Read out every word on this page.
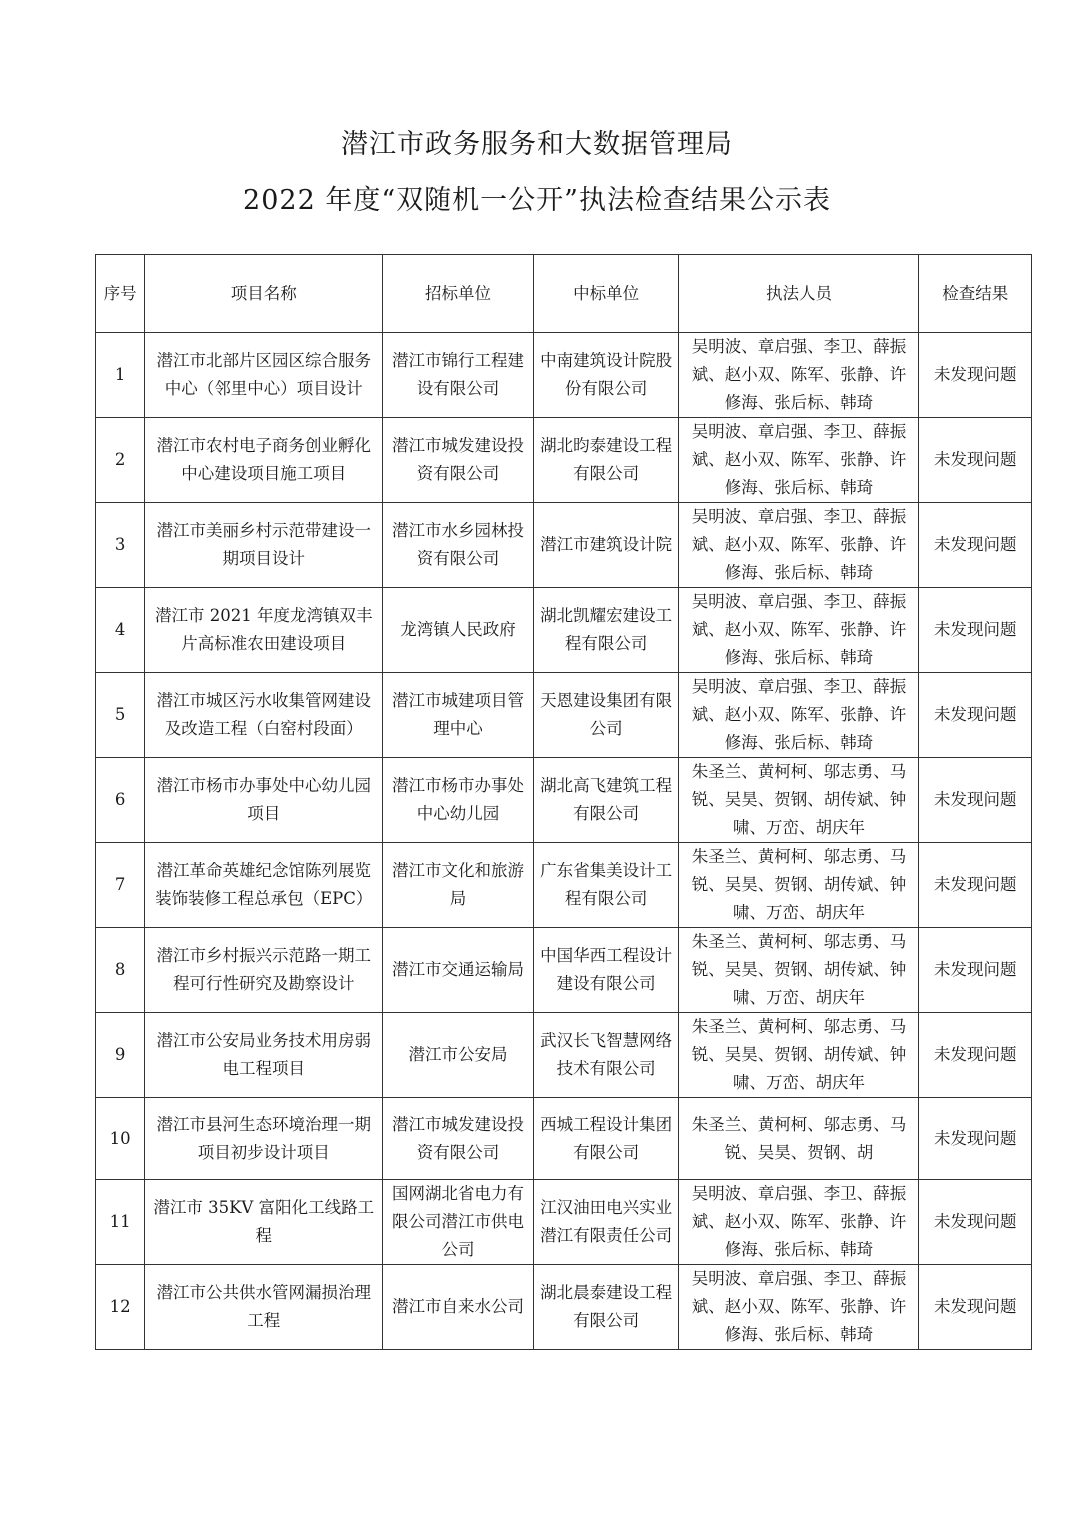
潜江市政务服务和大数据管理局
2022 年度“双随机一公开”执法检查结果公示表
序号	项目名称	招标单位	中标单位	执法人员	检查结果
1	潜江市北部片区园区综合服务中心（邻里中心）项目设计	潜江市锦行工程建设有限公司	中南建筑设计院股份有限公司	吴明波、章启强、李卫、薛振斌、赵小双、陈军、张静、许修海、张后标、韩琦	未发现问题
2	潜江市农村电子商务创业孵化中心建设项目施工项目	潜江市城发建设投资有限公司	湖北昀泰建设工程有限公司	吴明波、章启强、李卫、薛振斌、赵小双、陈军、张静、许修海、张后标、韩琦	未发现问题
3	潜江市美丽乡村示范带建设一期项目设计	潜江市水乡园林投资有限公司	潜江市建筑设计院	吴明波、章启强、李卫、薛振斌、赵小双、陈军、张静、许修海、张后标、韩琦	未发现问题
4	潜江市 2021 年度龙湾镇双丰片高标准农田建设项目	龙湾镇人民政府	湖北凯耀宏建设工程有限公司	吴明波、章启强、李卫、薛振斌、赵小双、陈军、张静、许修海、张后标、韩琦	未发现问题
5	潜江市城区污水收集管网建设及改造工程（白窑村段面）	潜江市城建项目管理中心	天恩建设集团有限公司	吴明波、章启强、李卫、薛振斌、赵小双、陈军、张静、许修海、张后标、韩琦	未发现问题
6	潜江市杨市办事处中心幼儿园项目	潜江市杨市办事处中心幼儿园	湖北高飞建筑工程有限公司	朱圣兰、黄柯柯、邬志勇、马锐、吴昊、贺钢、胡传斌、钟啸、万峦、胡庆年	未发现问题
7	潜江革命英雄纪念馆陈列展览装饰装修工程总承包（EPC）	潜江市文化和旅游局	广东省集美设计工程有限公司	朱圣兰、黄柯柯、邬志勇、马锐、吴昊、贺钢、胡传斌、钟啸、万峦、胡庆年	未发现问题
8	潜江市乡村振兴示范路一期工程可行性研究及勘察设计	潜江市交通运输局	中国华西工程设计建设有限公司	朱圣兰、黄柯柯、邬志勇、马锐、吴昊、贺钢、胡传斌、钟啸、万峦、胡庆年	未发现问题
9	潜江市公安局业务技术用房弱电工程项目	潜江市公安局	武汉长飞智慧网络技术有限公司	朱圣兰、黄柯柯、邬志勇、马锐、吴昊、贺钢、胡传斌、钟啸、万峦、胡庆年	未发现问题
10	潜江市县河生态环境治理一期项目初步设计项目	潜江市城发建设投资有限公司	西城工程设计集团有限公司	朱圣兰、黄柯柯、邬志勇、马锐、吴昊、贺钢、胡	未发现问题
11	潜江市 35KV 富阳化工线路工程	国网湖北省电力有限公司潜江市供电公司	江汉油田电兴实业潜江有限责任公司	吴明波、章启强、李卫、薛振斌、赵小双、陈军、张静、许修海、张后标、韩琦	未发现问题
12	潜江市公共供水管网漏损治理工程	潜江市自来水公司	湖北晨泰建设工程有限公司	吴明波、章启强、李卫、薛振斌、赵小双、陈军、张静、许修海、张后标、韩琦	未发现问题
